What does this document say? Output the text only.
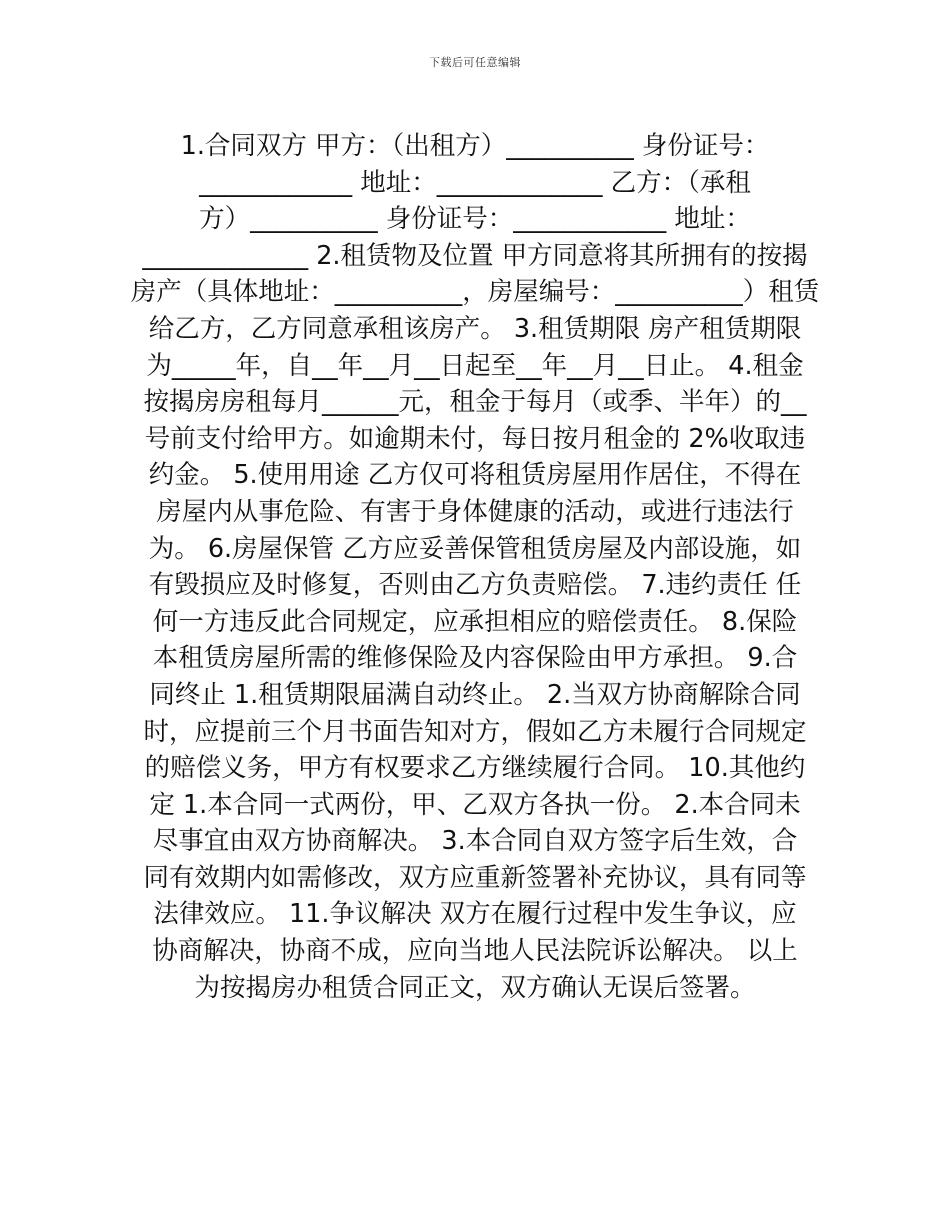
下载后可任意编辑
1.合同双方 甲方：（出租方）__________ 身份证号：
____________ 地址：_____________ 乙方：（承租
方）__________ 身份证号：____________ 地址：
_____________ 2.租赁物及位置 甲方同意将其所拥有的按揭
房产（具体地址：__________，房屋编号：__________）租赁
给乙方，乙方同意承租该房产。 3.租赁期限 房产租赁期限
为_____年，自__年__月__日起至__年__月__日止。 4.租金
按揭房房租每月______元，租金于每月（或季、半年）的__
号前支付给甲方。如逾期未付，每日按月租金的 2%收取违
约金。 5.使用用途 乙方仅可将租赁房屋用作居住，不得在
房屋内从事危险、有害于身体健康的活动，或进行违法行
为。 6.房屋保管 乙方应妥善保管租赁房屋及内部设施，如
有毁损应及时修复，否则由乙方负责赔偿。 7.违约责任 任
何一方违反此合同规定，应承担相应的赔偿责任。 8.保险
本租赁房屋所需的维修保险及内容保险由甲方承担。 9.合
同终止 1.租赁期限届满自动终止。 2.当双方协商解除合同
时，应提前三个月书面告知对方，假如乙方未履行合同规定
的赔偿义务，甲方有权要求乙方继续履行合同。 10.其他约
定 1.本合同一式两份，甲、乙双方各执一份。 2.本合同未
尽事宜由双方协商解决。 3.本合同自双方签字后生效，合
同有效期内如需修改，双方应重新签署补充协议，具有同等
法律效应。 11.争议解决 双方在履行过程中发生争议，应
协商解决，协商不成，应向当地人民法院诉讼解决。 以上
为按揭房办租赁合同正文，双方确认无误后签署。
